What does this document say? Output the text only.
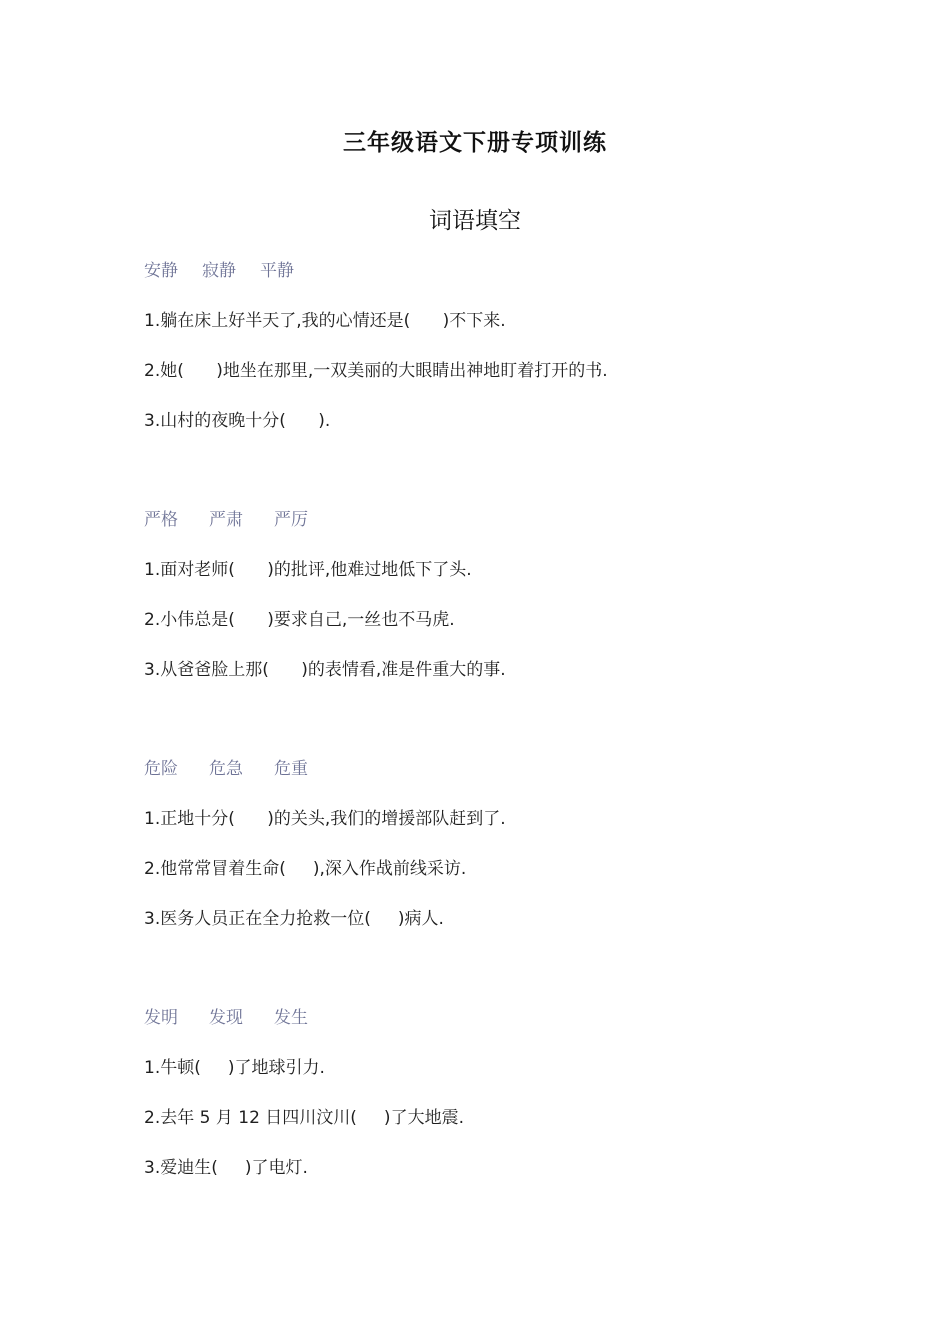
三年级语文下册专项训练
词语填空
安静 寂静 平静
1.躺在床上好半天了,我的心情还是(      )不下来.
2.她(      )地坐在那里,一双美丽的大眼睛出神地盯着打开的书.
3.山村的夜晚十分(      ).
严格 严肃 严厉
1.面对老师(      )的批评,他难过地低下了头.
2.小伟总是(      )要求自己,一丝也不马虎.
3.从爸爸脸上那(      )的表情看,准是件重大的事.
危险 危急 危重
1.正地十分(      )的关头,我们的增援部队赶到了.
2.他常常冒着生命(     ),深入作战前线采访.
3.医务人员正在全力抢救一位(     )病人.
发明 发现 发生
1.牛顿(     )了地球引力.
2.去年 5 月 12 日四川汶川(     )了大地震.
3.爱迪生(     )了电灯.
